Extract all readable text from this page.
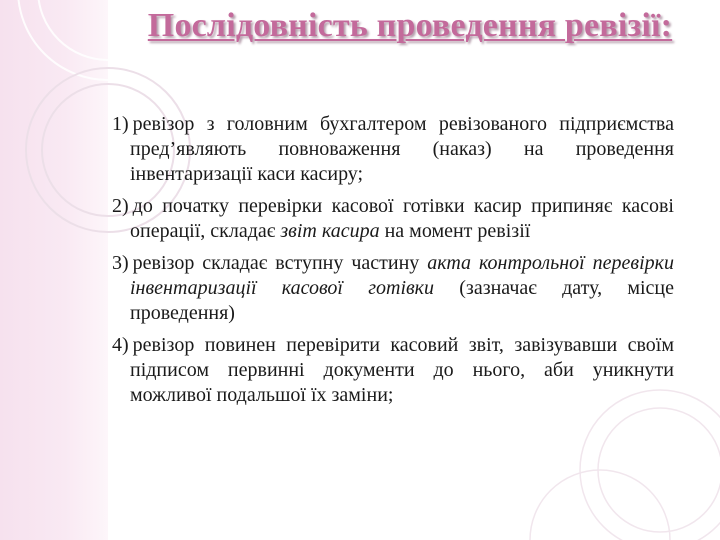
Послідовність проведення ревізії:
1) ревізор з головним бухгалтером ревізованого підприємства пред’являють повноваження (наказ) на проведення інвентаризації каси касиру;
2) до початку перевірки касової готівки касир припиняє касові операції, складає звіт касира на момент ревізії
3) ревізор складає вступну частину акта контрольної перевірки інвентаризації касової готівки (зазначає дату, місце проведення)
4) ревізор повинен перевірити касовий звіт, завізувавши своїм підписом первинні документи до нього, аби уникнути можливої подальшої їх заміни;
